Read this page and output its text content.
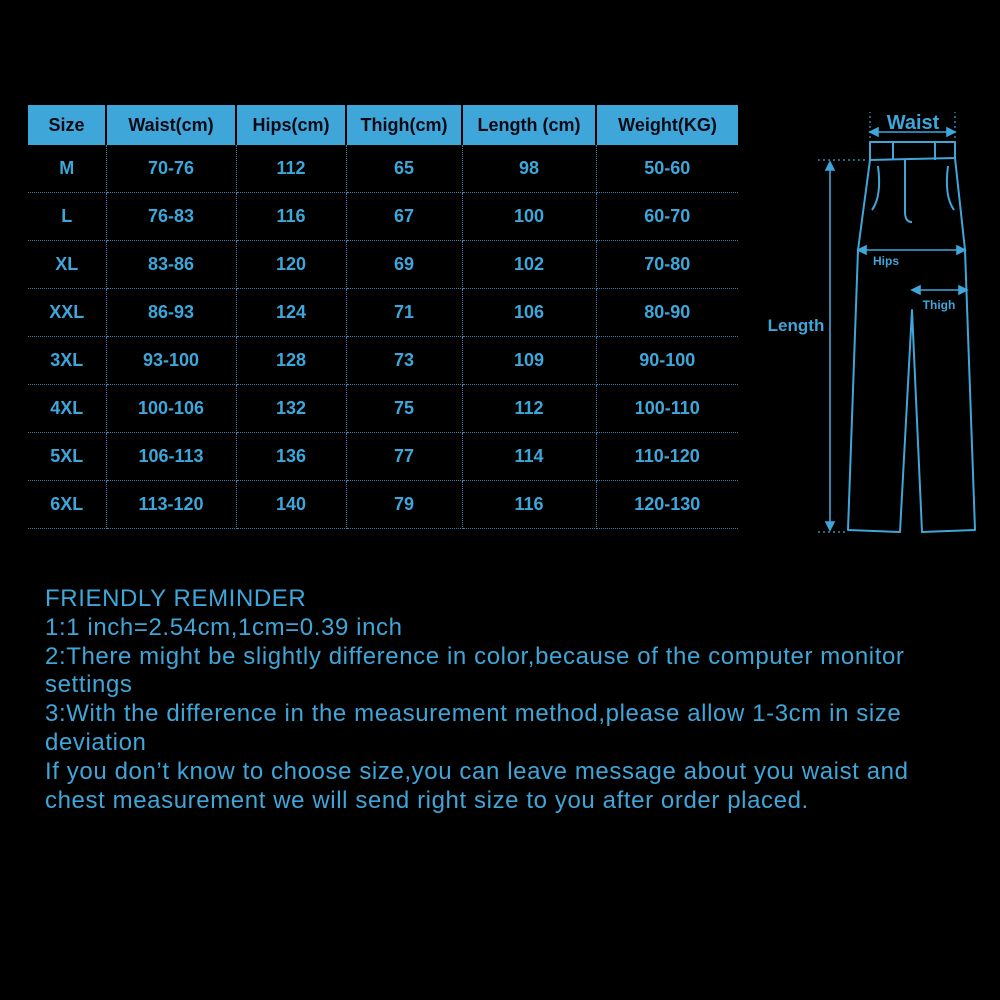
Size	Waist(cm)	Hips(cm)	Thigh(cm)	Length (cm)	Weight(KG)
M	70-76	112	65	98	50-60
L	76-83	116	67	100	60-70
XL	83-86	120	69	102	70-80
XXL	86-93	124	71	106	80-90
3XL	93-100	128	73	109	90-100
4XL	100-106	132	75	112	100-110
5XL	106-113	136	77	114	110-120
6XL	113-120	140	79	116	120-130
Waist
Hips
Thigh
Length

FRIENDLY REMINDER

1:1 inch=2.54cm,1cm=0.39 inch

2:There might be slightly difference in color,because of the computer monitor settings

3:With the difference in the measurement method,please allow 1-3cm in size deviation

If you don’t know to choose size,you can leave message about you waist and chest measurement we will send right size to you after order placed.
